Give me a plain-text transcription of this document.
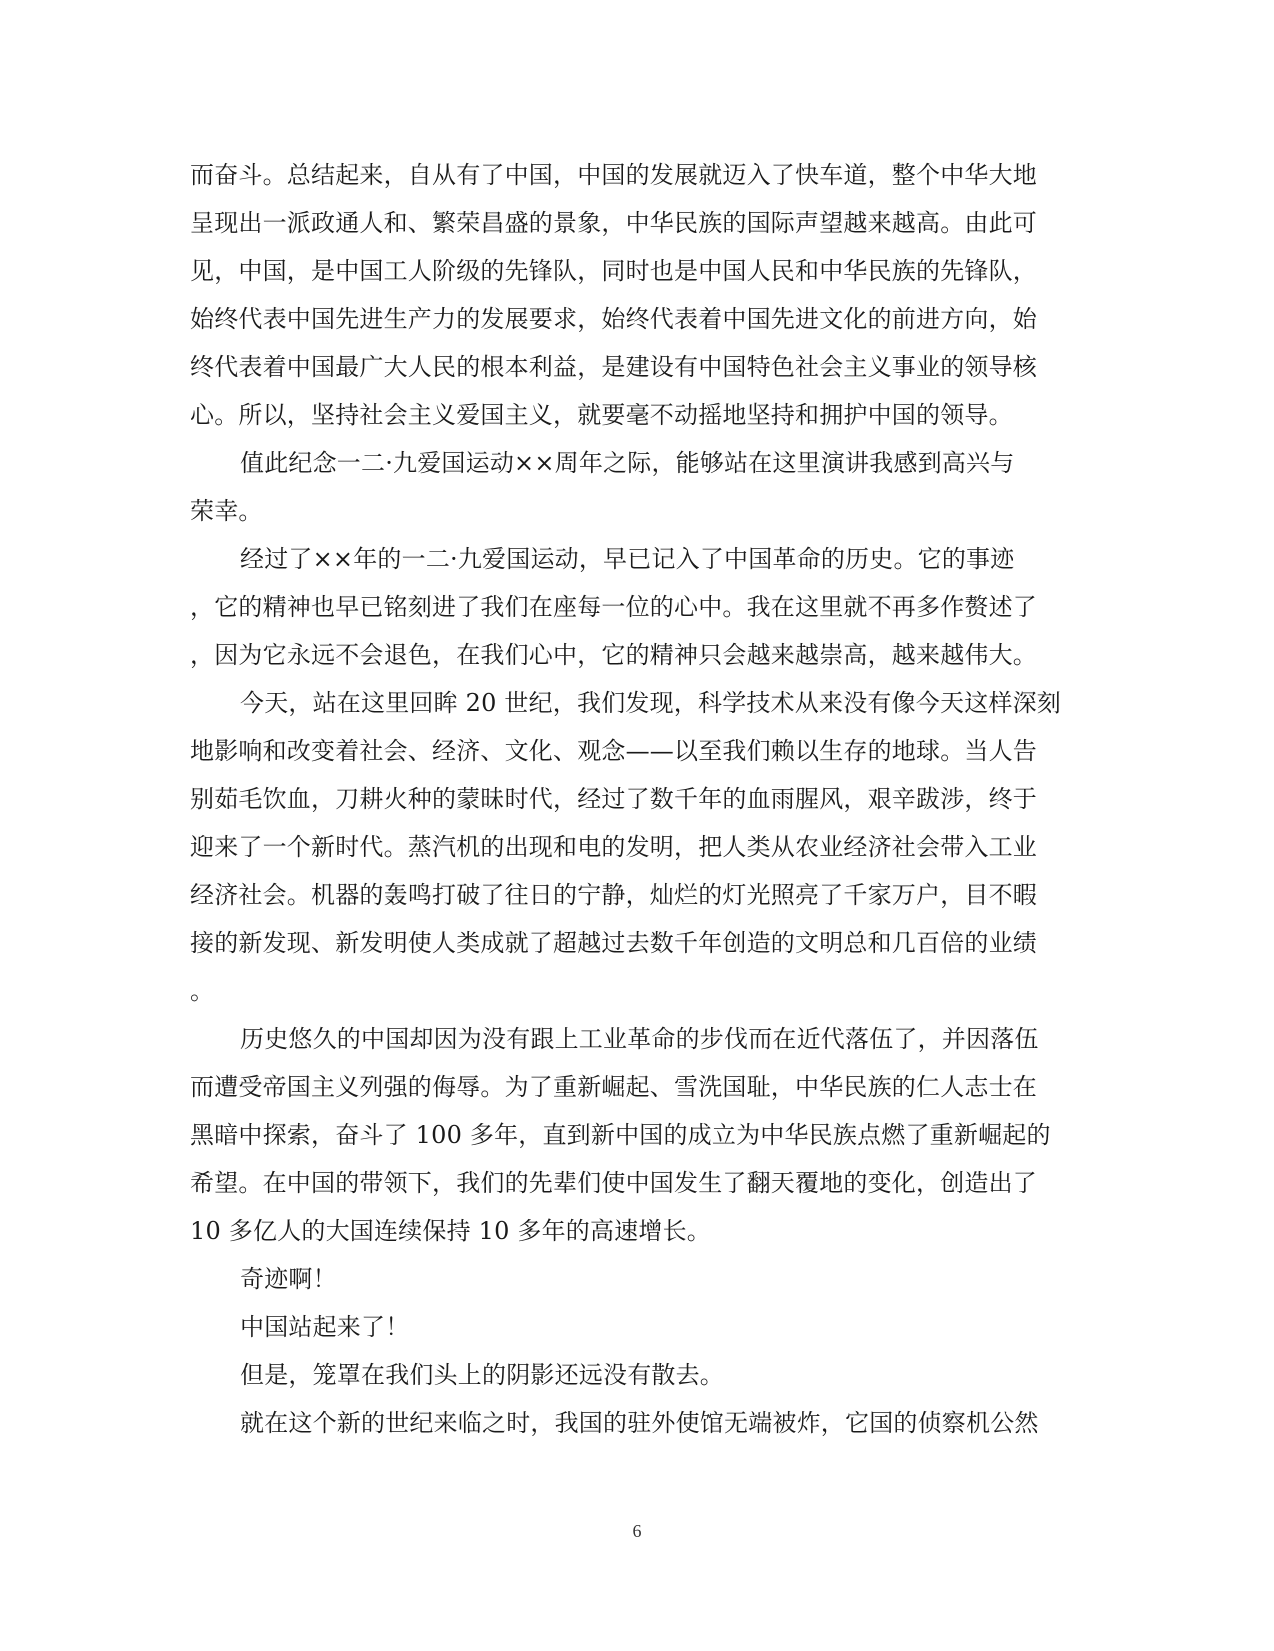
而奋斗。总结起来，自从有了中国，中国的发展就迈入了快车道，整个中华大地
呈现出一派政通人和、繁荣昌盛的景象，中华民族的国际声望越来越高。由此可
见，中国，是中国工人阶级的先锋队，同时也是中国人民和中华民族的先锋队，
始终代表中国先进生产力的发展要求，始终代表着中国先进文化的前进方向，始
终代表着中国最广大人民的根本利益，是建设有中国特色社会主义事业的领导核
心。所以，坚持社会主义爱国主义，就要毫不动摇地坚持和拥护中国的领导。
值此纪念一二·九爱国运动××周年之际，能够站在这里演讲我感到高兴与
荣幸。
经过了××年的一二·九爱国运动，早已记入了中国革命的历史。它的事迹
，它的精神也早已铭刻进了我们在座每一位的心中。我在这里就不再多作赘述了
，因为它永远不会退色，在我们心中，它的精神只会越来越崇高，越来越伟大。
今天，站在这里回眸 20 世纪，我们发现，科学技术从来没有像今天这样深刻
地影响和改变着社会、经济、文化、观念——以至我们赖以生存的地球。当人告
别茹毛饮血，刀耕火种的蒙昧时代，经过了数千年的血雨腥风，艰辛跋涉，终于
迎来了一个新时代。蒸汽机的出现和电的发明，把人类从农业经济社会带入工业
经济社会。机器的轰鸣打破了往日的宁静，灿烂的灯光照亮了千家万户，目不暇
接的新发现、新发明使人类成就了超越过去数千年创造的文明总和几百倍的业绩
。
历史悠久的中国却因为没有跟上工业革命的步伐而在近代落伍了，并因落伍
而遭受帝国主义列强的侮辱。为了重新崛起、雪洗国耻，中华民族的仁人志士在
黑暗中探索，奋斗了 100 多年，直到新中国的成立为中华民族点燃了重新崛起的
希望。在中国的带领下，我们的先辈们使中国发生了翻天覆地的变化，创造出了
10 多亿人的大国连续保持 10 多年的高速增长。
奇迹啊！
中国站起来了！
但是，笼罩在我们头上的阴影还远没有散去。
就在这个新的世纪来临之时，我国的驻外使馆无端被炸，它国的侦察机公然
6
